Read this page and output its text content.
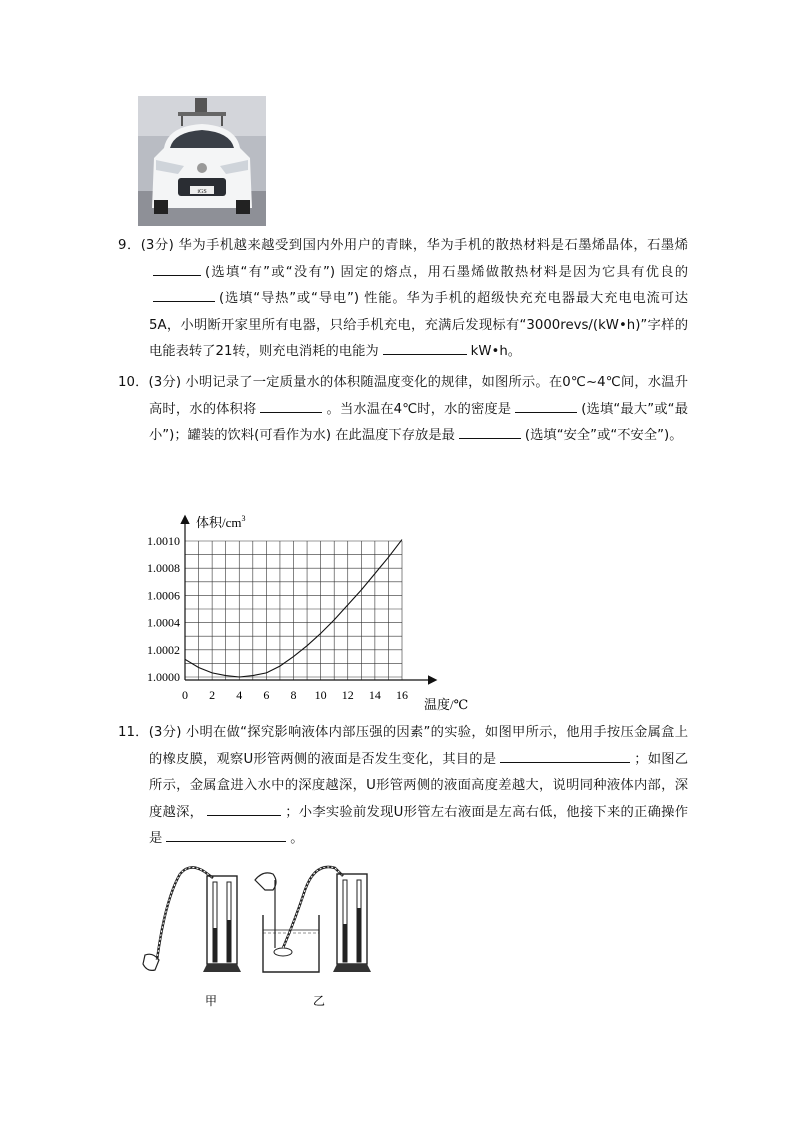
iGS
9．(3分) 华为手机越来越受到国内外用户的青睐，华为手机的散热材料是石墨烯晶体，石墨烯(选填“有”或“没有”) 固定的熔点，用石墨烯做散热材料是因为它具有优良的(选填“导热”或“导电”) 性能。华为手机的超级快充充电器最大充电电流可达5A，小明断开家里所有电器，只给手机充电，充满后发现标有“3000revs/(kW•h)”字样的电能表转了21转，则充电消耗的电能为	kW•h。
10．(3分) 小明记录了一定质量水的体积随温度变化的规律，如图所示。在0℃~4℃间，水温升高时，水的体积将	。当水温在4℃时，水的密度是	(选填“最大”或“最小”)；罐装的饮料(可看作为水) 在此温度下存放是最	(选填“安全”或“不安全”)。
1.0000
1.0002
1.0004
1.0006
1.0008
1.0010
0 2 4 6 8 10 12 14 16
体积$/cm^3$
温度/℃
11．(3分) 小明在做“探究影响液体内部压强的因素”的实验，如图甲所示，他用手按压金属盒上的橡皮膜，观察U形管两侧的液面是否发生变化，其目的是	；如图乙所示，金属盒进入水中的深度越深，U形管两侧的液面高度差越大，说明同种液体内部，深度越深，	；小李实验前发现U形管左右液面是左高右低，他接下来的正确操作是	。
甲	乙
